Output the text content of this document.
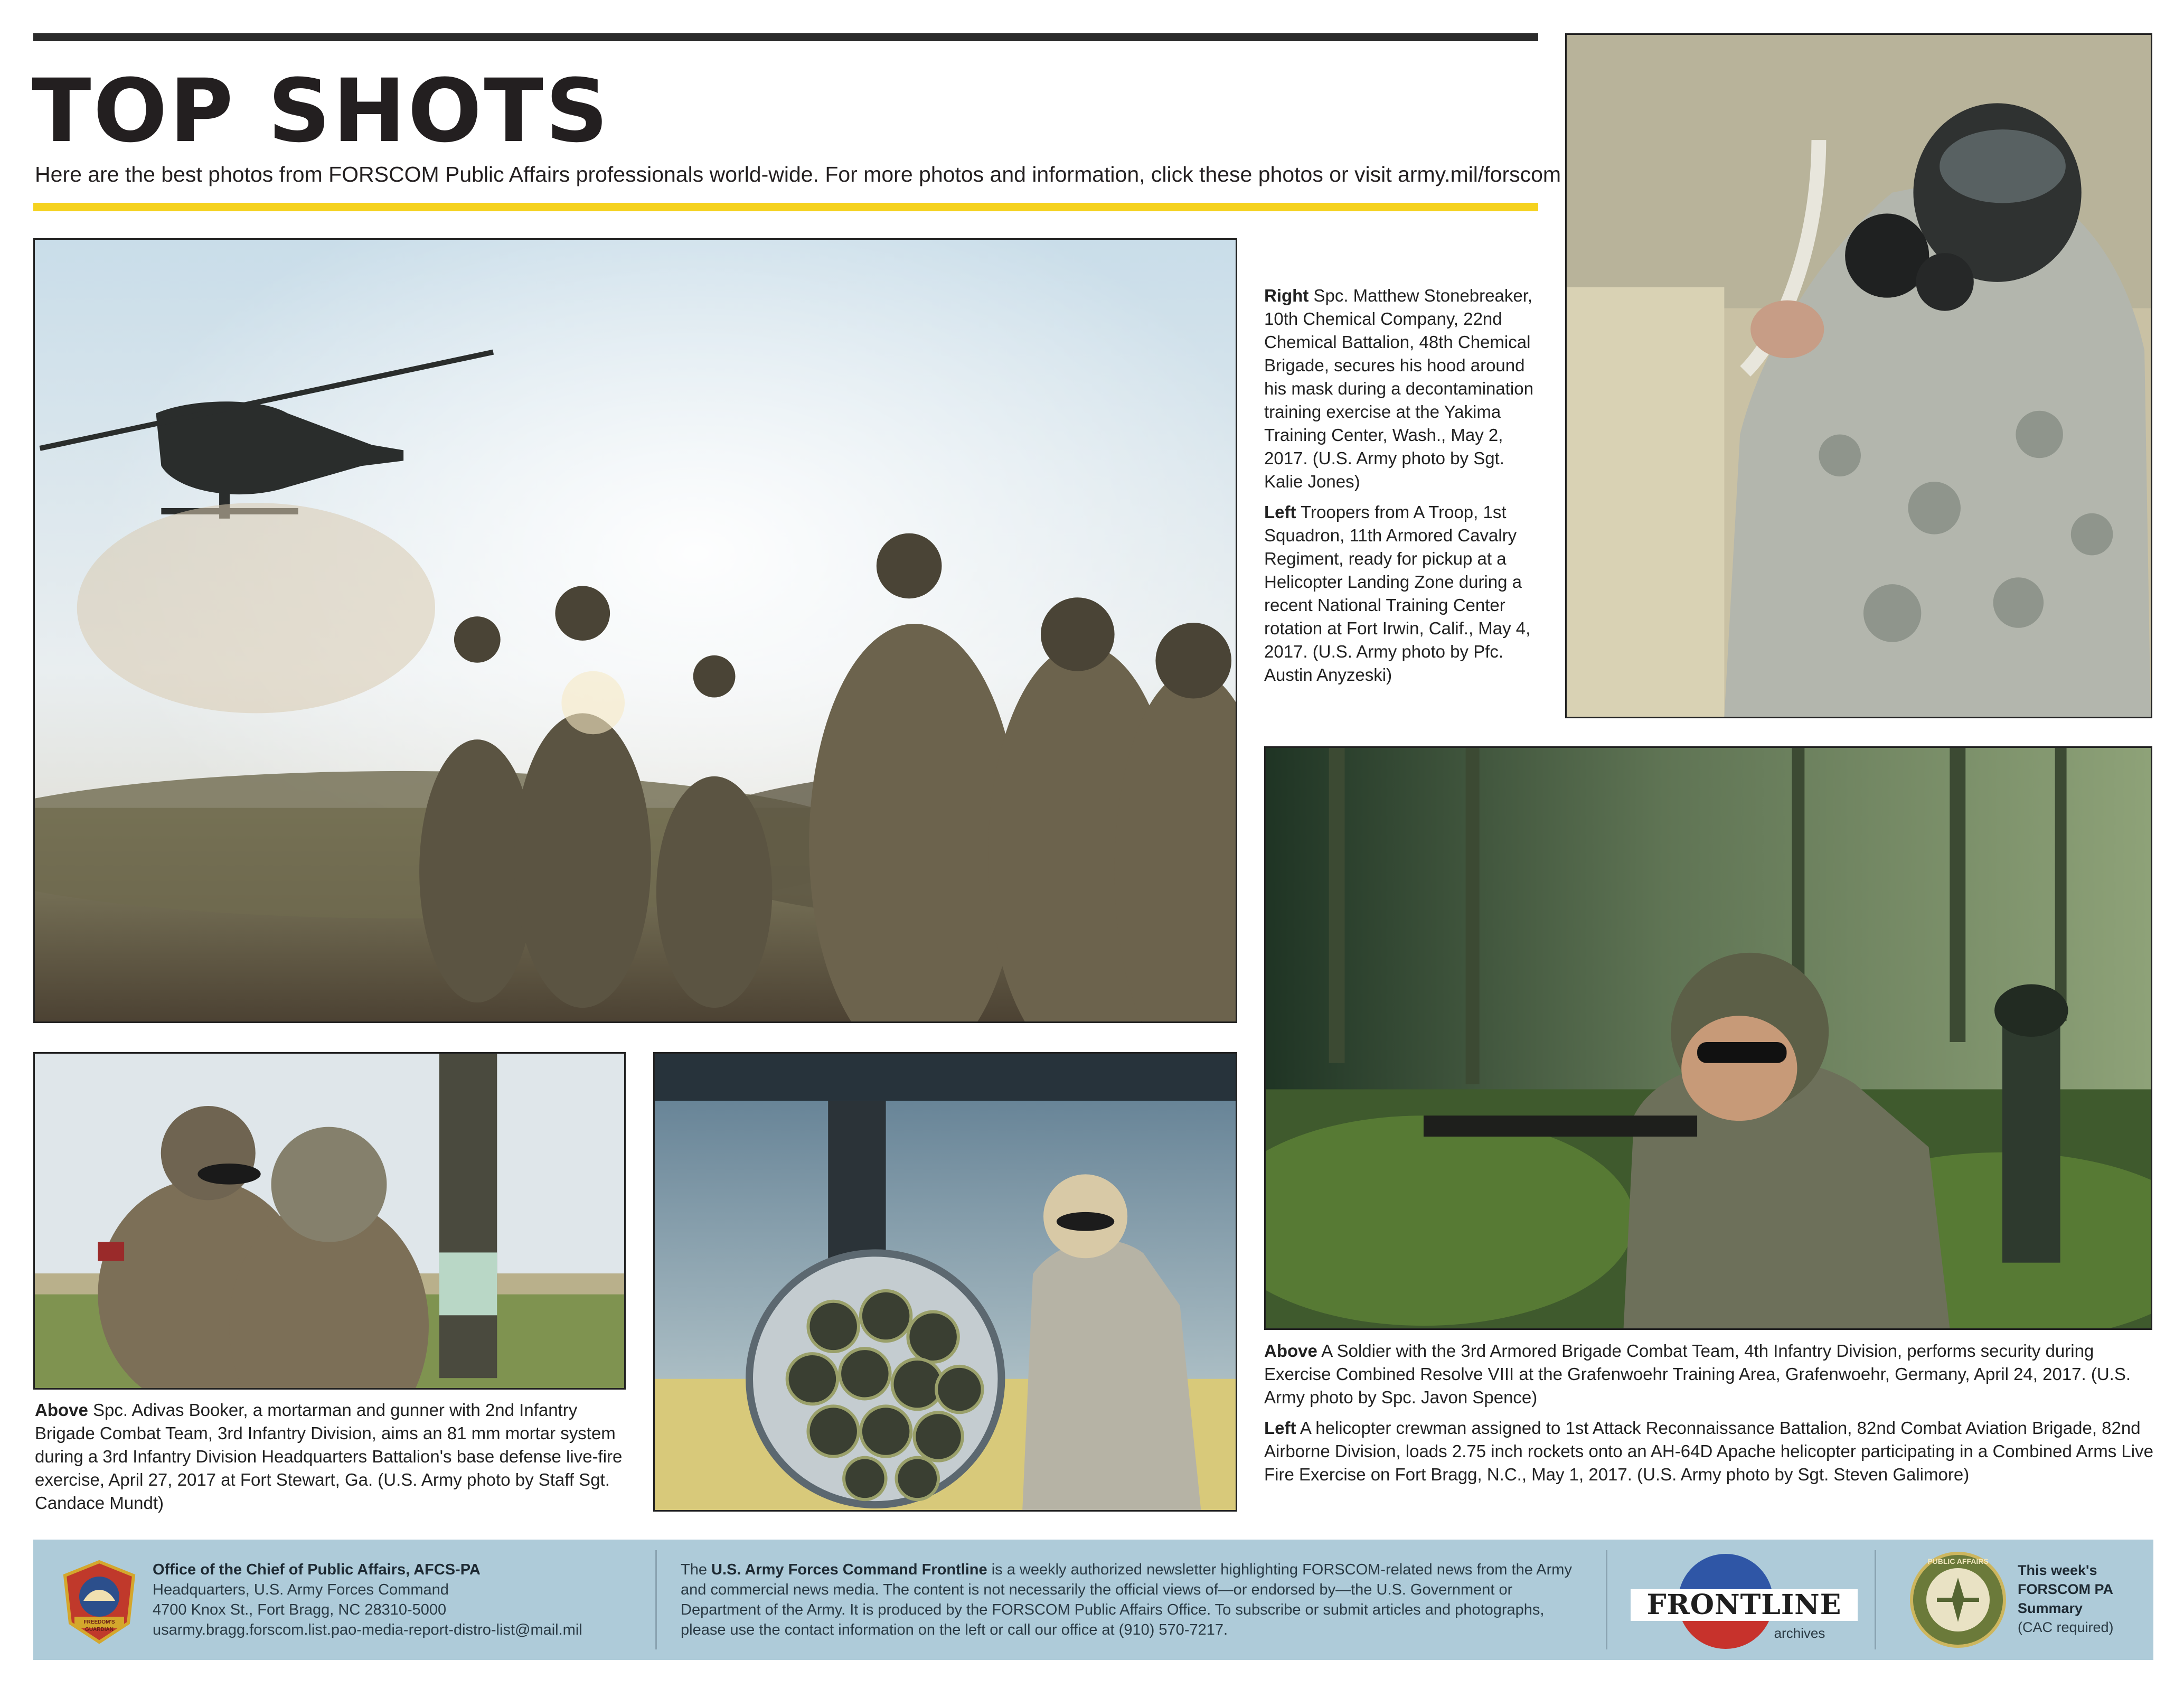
TOP SHOTS
Here are the best photos from FORSCOM Public Affairs professionals world-wide. For more photos and information, click these photos or visit army.mil/forscom

Right Spc. Matthew Stonebreaker, 10th Chemical Company, 22nd Chemical Battalion, 48th Chemical Brigade, secures his hood around his mask during a decontamination training exercise at the Yakima Training Center, Wash., May 2, 2017. (U.S. Army photo by Sgt. Kalie Jones)

Left Troopers from A Troop, 1st Squadron, 11th Armored Cavalry Regiment, ready for pickup at a Helicopter Landing Zone during a recent National Training Center rotation at Fort Irwin, Calif., May 4, 2017. (U.S. Army photo by Pfc. Austin Anyzeski)

Above Spc. Adivas Booker, a mortarman and gunner with 2nd Infantry Brigade Combat Team, 3rd Infantry Division, aims an 81 mm mortar system during a 3rd Infantry Division Headquarters Battalion's base defense live-fire exercise, April 27, 2017 at Fort Stewart, Ga. (U.S. Army photo by Staff Sgt. Candace Mundt)

Above A Soldier with the 3rd Armored Brigade Combat Team, 4th Infantry Division, performs security during Exercise Combined Resolve VIII at the Grafenwoehr Training Area, Grafenwoehr, Germany, April 24, 2017. (U.S. Army photo by Spc. Javon Spence)

Left A helicopter crewman assigned to 1st Attack Reconnaissance Battalion, 82nd Combat Aviation Brigade, 82nd Airborne Division, loads 2.75 inch rockets onto an AH-64D Apache helicopter participating in a Combined Arms Live Fire Exercise on Fort Bragg, N.C., May 1, 2017. (U.S. Army photo by Sgt. Steven Galimore)

FREEDOM'S GUARDIAN
Office of the Chief of Public Affairs, AFCS-PA
Headquarters, U.S. Army Forces Command
4700 Knox St., Fort Bragg, NC 28310-5000
usarmy.bragg.forscom.list.pao-media-report-distro-list@mail.mil
The U.S. Army Forces Command Frontline is a weekly authorized newsletter highlighting FORSCOM-related news from the Army and commercial news media. The content is not necessarily the official views of—or endorsed by—the U.S. Government or Department of the Army. It is produced by the FORSCOM Public Affairs Office. To subscribe or submit articles and photographs, please use the contact information on the left or call our office at (910) 570-7217.
FRONTLINE
archives
PUBLIC AFFAIRS
This week's FORSCOM PA Summary
(CAC required)
